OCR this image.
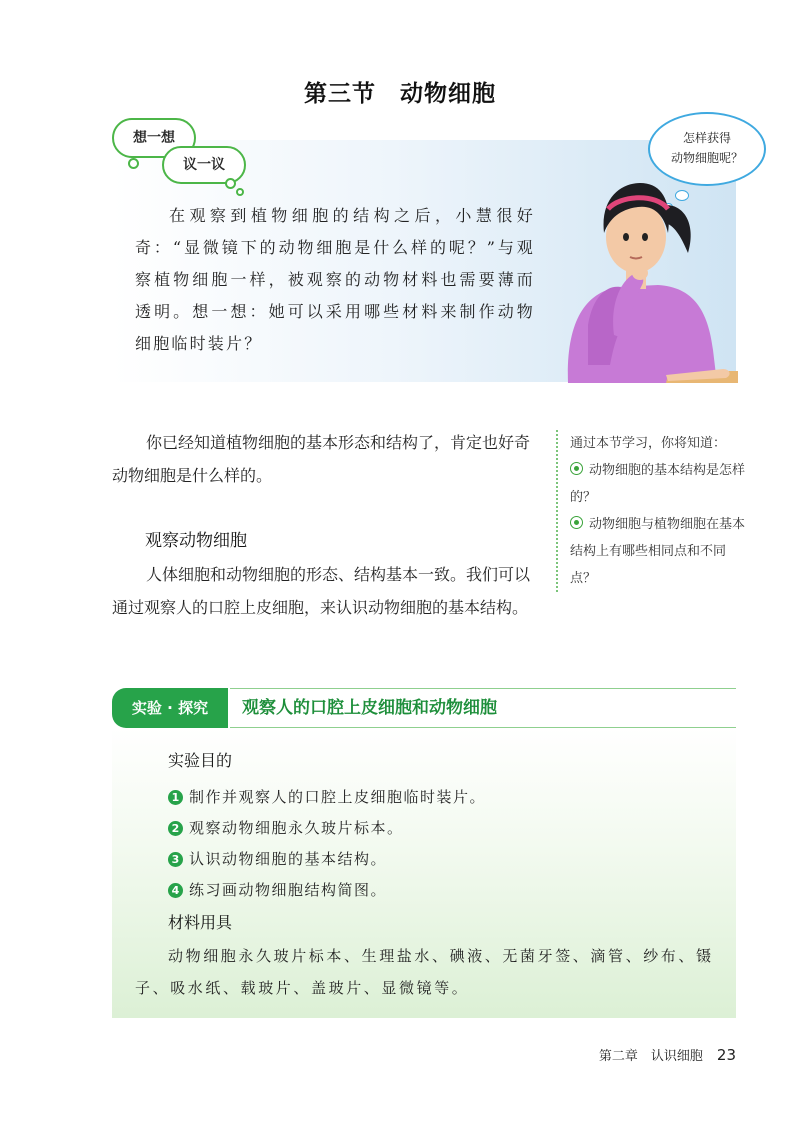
第三节　动物细胞
想一想
议一议
在观察到植物细胞的结构之后，小慧很好奇：“显微镜下的动物细胞是什么样的呢？”与观察植物细胞一样，被观察的动物材料也需要薄而透明。想一想：她可以采用哪些材料来制作动物细胞临时装片？
怎样获得
动物细胞呢？
你已经知道植物细胞的基本形态和结构了，肯定也好奇动物细胞是什么样的。
通过本节学习，你将知道：
动物细胞的基本结构是怎样的？
动物细胞与植物细胞在基本结构上有哪些相同点和不同点？
观察动物细胞
人体细胞和动物细胞的形态、结构基本一致。我们可以通过观察人的口腔上皮细胞，来认识动物细胞的基本结构。
实验 · 探究	观察人的口腔上皮细胞和动物细胞
实验目的
1 制作并观察人的口腔上皮细胞临时装片。
2 观察动物细胞永久玻片标本。
3 认识动物细胞的基本结构。
4 练习画动物细胞结构简图。
材料用具
动物细胞永久玻片标本、生理盐水、碘液、无菌牙签、滴管、纱布、镊子、吸水纸、载玻片、盖玻片、显微镜等。
第二章　认识细胞 23
